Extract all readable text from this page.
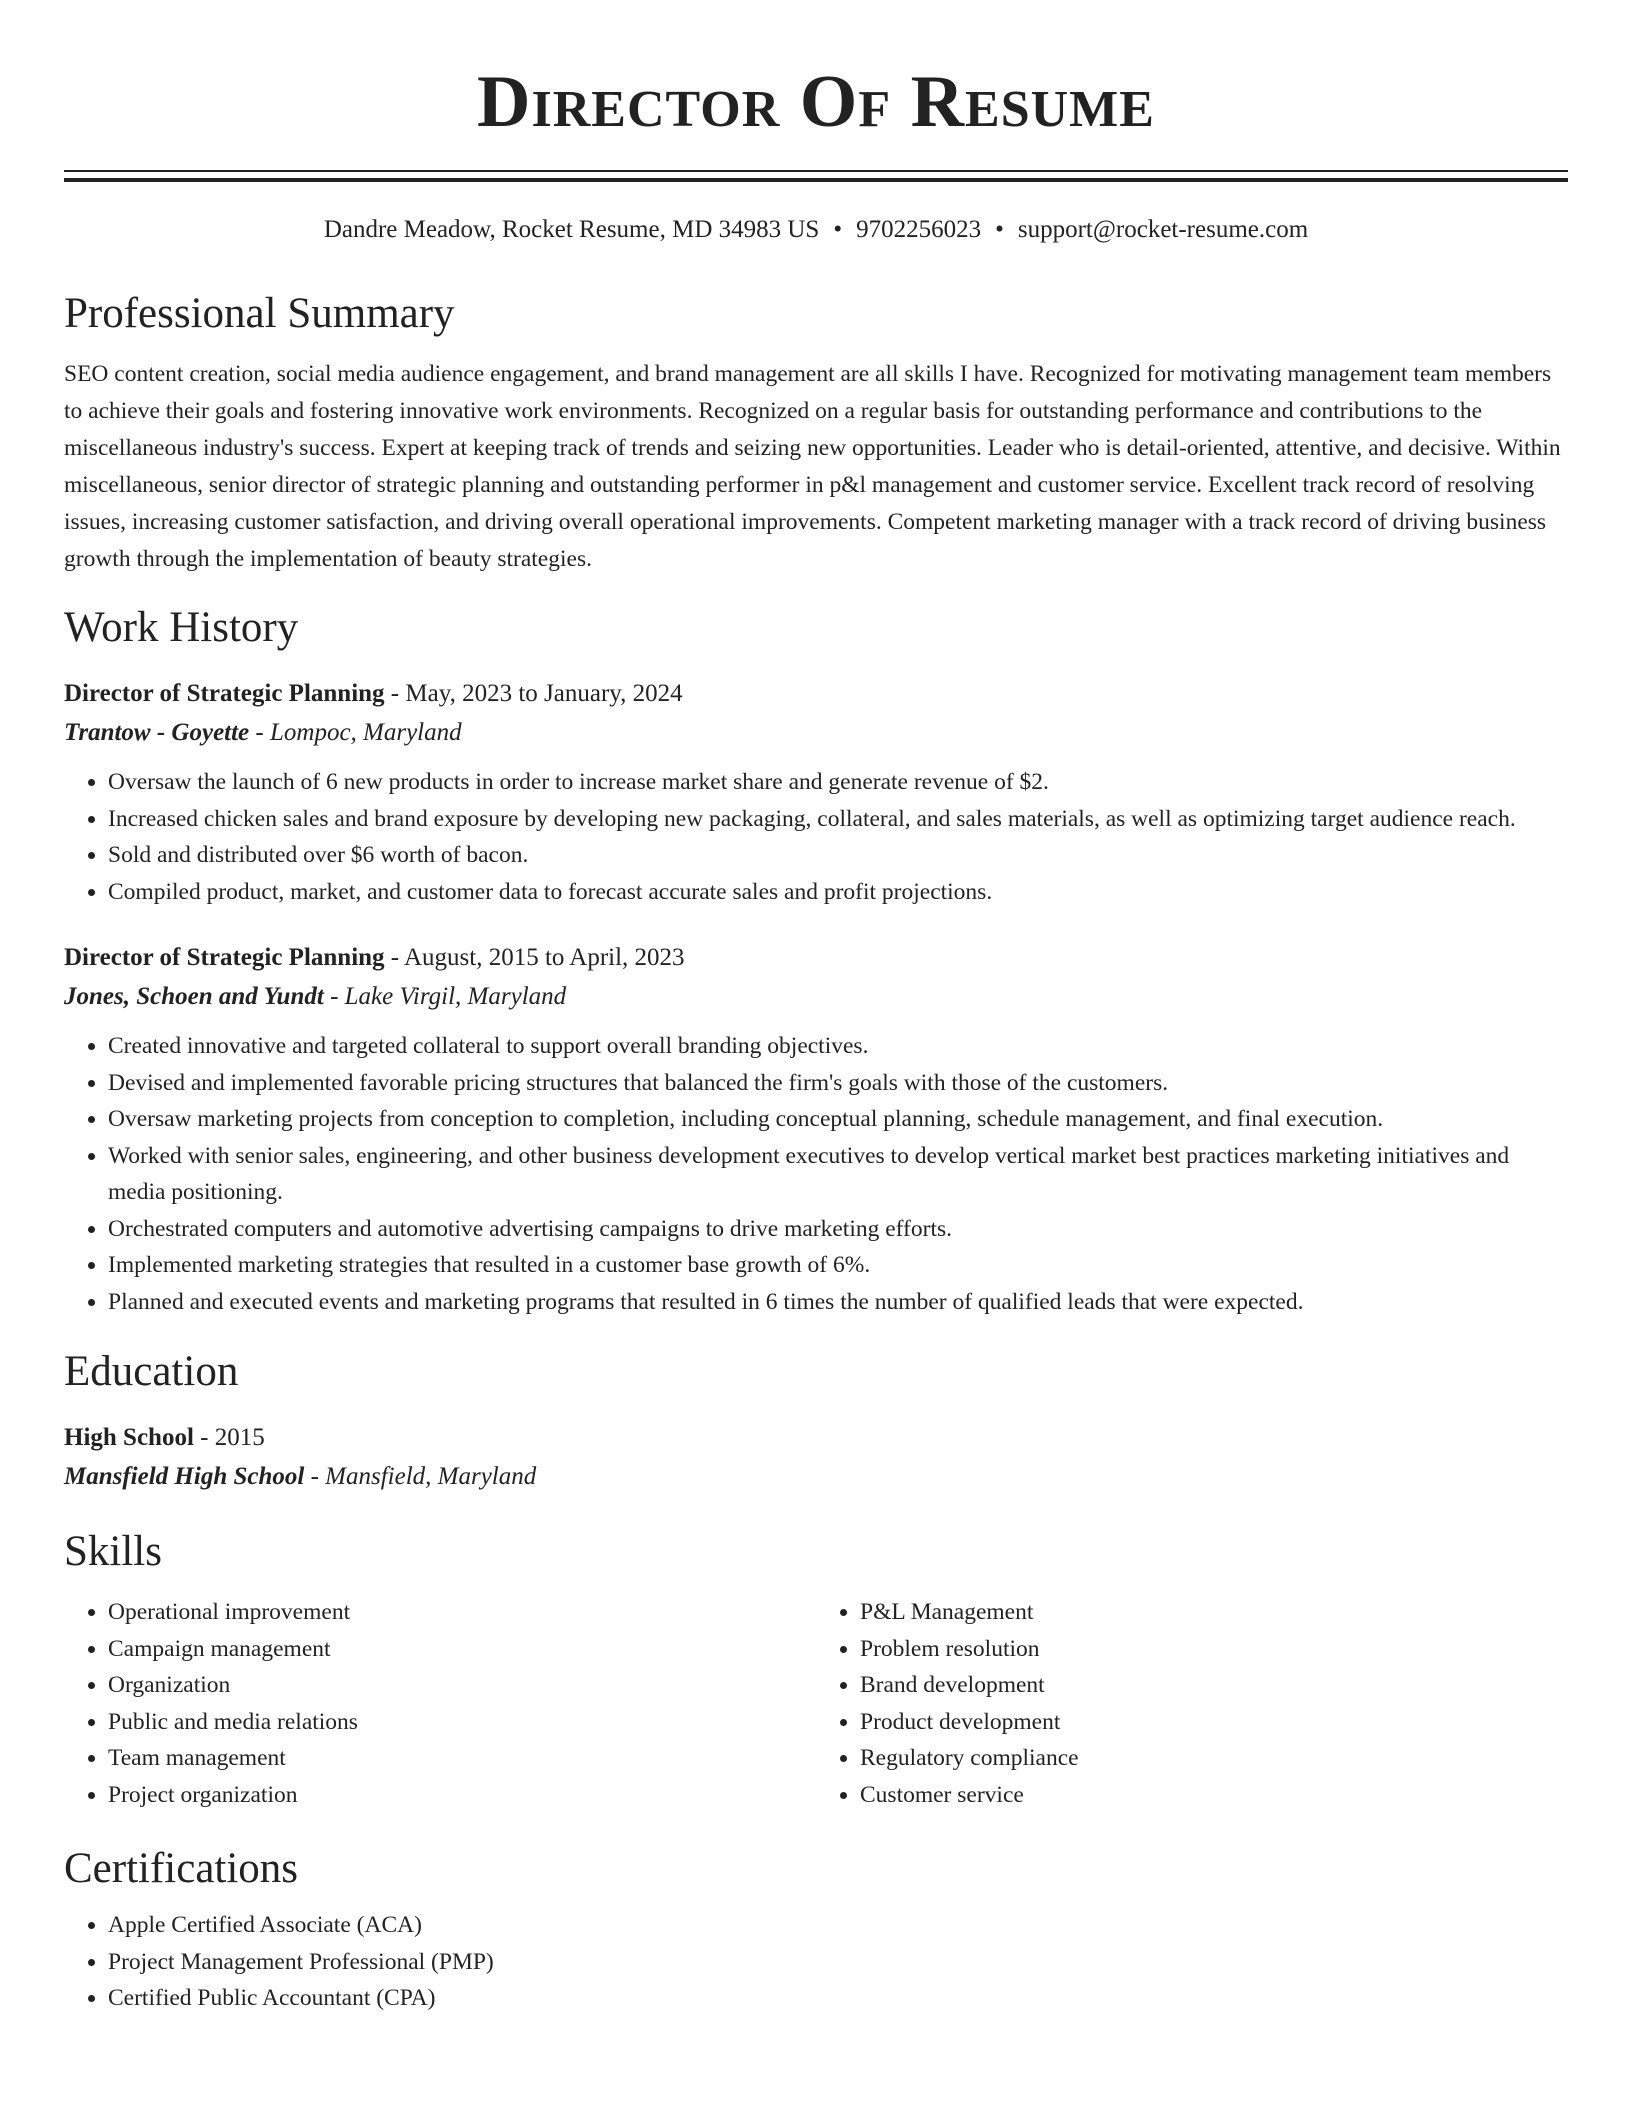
Director Of Resume
Dandre Meadow, Rocket Resume, MD 34983 US • 9702256023 • support@rocket-resume.com
Professional Summary
SEO content creation, social media audience engagement, and brand management are all skills I have. Recognized for motivating management team members to achieve their goals and fostering innovative work environments. Recognized on a regular basis for outstanding performance and contributions to the miscellaneous industry's success. Expert at keeping track of trends and seizing new opportunities. Leader who is detail-oriented, attentive, and decisive. Within miscellaneous, senior director of strategic planning and outstanding performer in p&l management and customer service. Excellent track record of resolving issues, increasing customer satisfaction, and driving overall operational improvements. Competent marketing manager with a track record of driving business growth through the implementation of beauty strategies.
Work History
Director of Strategic Planning - May, 2023 to January, 2024
Trantow - Goyette - Lompoc, Maryland
• Oversaw the launch of 6 new products in order to increase market share and generate revenue of $2.
• Increased chicken sales and brand exposure by developing new packaging, collateral, and sales materials, as well as optimizing target audience reach.
• Sold and distributed over $6 worth of bacon.
• Compiled product, market, and customer data to forecast accurate sales and profit projections.
Director of Strategic Planning - August, 2015 to April, 2023
Jones, Schoen and Yundt - Lake Virgil, Maryland
• Created innovative and targeted collateral to support overall branding objectives.
• Devised and implemented favorable pricing structures that balanced the firm's goals with those of the customers.
• Oversaw marketing projects from conception to completion, including conceptual planning, schedule management, and final execution.
• Worked with senior sales, engineering, and other business development executives to develop vertical market best practices marketing initiatives and media positioning.
• Orchestrated computers and automotive advertising campaigns to drive marketing efforts.
• Implemented marketing strategies that resulted in a customer base growth of 6%.
• Planned and executed events and marketing programs that resulted in 6 times the number of qualified leads that were expected.
Education
High School - 2015
Mansfield High School - Mansfield, Maryland
Skills
• Operational improvement
• Campaign management
• Organization
• Public and media relations
• Team management
• Project organization
• P&L Management
• Problem resolution
• Brand development
• Product development
• Regulatory compliance
• Customer service
Certifications
• Apple Certified Associate (ACA)
• Project Management Professional (PMP)
• Certified Public Accountant (CPA)
